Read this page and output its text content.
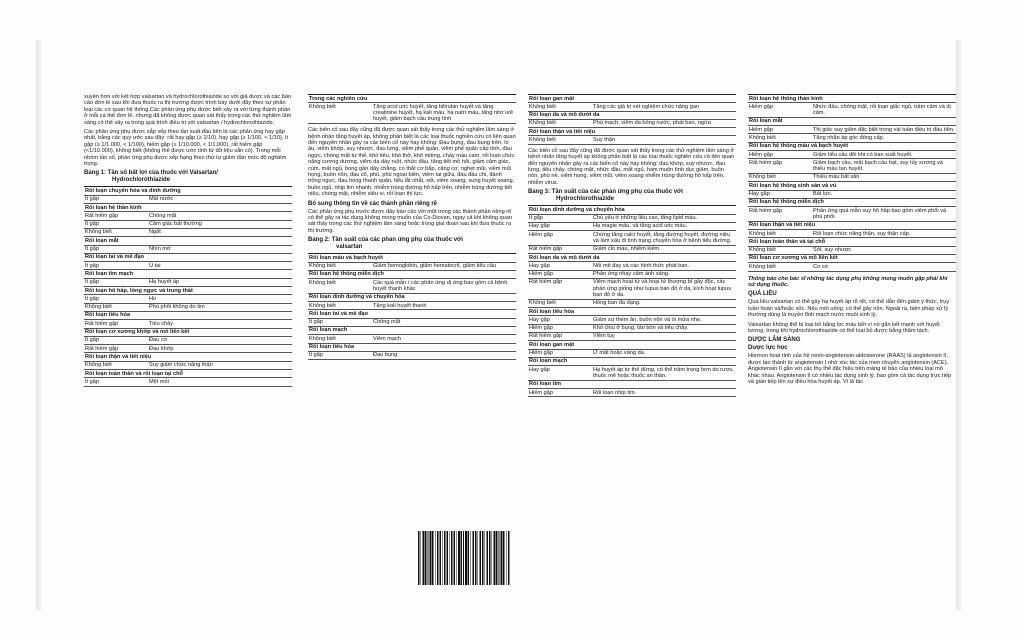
xuyên hơn với kết hợp valsartan và hydrochlorothiazide so với giả dược và các báo cáo đơn lẻ sau khi đưa thuốc ra thị trường được trình bày dưới đây theo sự phân loại các cơ quan hệ thống.Các phản ứng phụ được biết xảy ra với từng thành phần ở mỗi cá thể đơn lẻ, nhưng đã không được quan sát thấy trong các thử nghiệm lâm sàng có thể xảy ra trong quá trình điều trị với valsartan / hydrochlorothiazide.

Các phản ứng phụ được sắp xếp theo tần suất đầu tiên là các phản ứng hay gặp nhất, bằng các quy ước sau đây: rất hay gặp (≥ 1/10), hay gặp (≥ 1/100, < 1/10), ít gặp (≥ 1/1.000, < 1/100), hiếm gặp (≥ 1/10.000, < 1/1.000), rất hiếm gặp (<1/10.000), không biết (không thể được ước tính từ dữ liệu sẵn có). Trong mỗi nhóm tần số, phản ứng phụ được xếp hạng theo thứ tự giảm dần mức độ nghiêm trọng.

Bảng 1: Tần số bất lợi của thuốc với Valsartan/
Hydrochlorothiazide
Rối loạn chuyển hóa và dinh dưỡng	
Ít gặp	Mất nước
Rối loạn hệ thần kinh	
Rất hiếm gặp	Chóng mặt
Ít gặp	Cảm giác bất thường
Không biết	Ngất
Rối loạn mắt	
Ít gặp	Nhìn mờ
Rối loạn tai và mê đạo	
Ít gặp	Ù tai
Rối loạn tim mạch	
Ít gặp	Hạ huyết áp
Rối loạn hô hấp, lồng ngực và trung thất	
Ít gặp	Ho
Không biết	Phù phổi không do tim
Rối loạn tiêu hóa	
Rất hiếm gặp	Tiêu chảy
Rối loạn cơ xương khớp và mô liên kết	
Ít gặp	Đau cơ
Rất hiếm gặp	Đau khớp
Rối loạn thận và tiết niệu	
Không biết	Suy giảm chức năng thận
Rối loạn toàn thân và rối loạn tại chỗ	
Ít gặp	Mệt mỏi
Trong các nghiên cứu
Không biết	Tăng acid uric huyết, tăng bilirubin huyết và tăng creatinine huyết, hạ kali máu, hạ natri máu, tăng nitơ urê huyết, giảm bạch cầu trung tính

Các biến cố sau đây cũng đã được quan sát thấy trong các thử nghiệm lâm sàng ở bệnh nhân tăng huyết áp, không phân biệt là các loại thuốc nghiên cứu có liên quan đến nguyên nhân gây ra các biến cố này hay không: Đau bụng, đau bụng trên, lo âu, viêm khớp, suy nhược, đau lưng, viêm phế quản, viêm phế quản cấp tính, đau ngực, chóng mặt tư thế, khó tiêu, khó thở, khô miệng, chảy máu cam, rối loạn chức năng cương dương, viêm dạ dày ruột, nhức đầu, tăng tiết mồ hôi, giảm cảm giác, cúm, mất ngủ, bong gân dây chằng, co thắt cơ bắp, căng cơ, nghẹt mũi, viêm mũi họng, buồn nôn, đau cổ, phù, phù ngoại biên, viêm tai giữa, đau đầu chi, đánh trống ngực, đau họng thanh quản, tiểu lắt nhắt, sốt, viêm xoang, sung huyết xoang, buồn ngủ, nhịp tim nhanh, nhiễm trùng đường hô hấp trên, nhiễm trùng đường tiết niệu, chóng mặt, nhiễm siêu vi, rối loạn thị lực.

Bổ sung thông tin về các thành phần riêng rẽ

Các phản ứng phụ trước được đây báo cáo với một trong các thành phần riêng rẽ có thể gây ra tác dụng không mong muốn của Co-Diovan, ngay cả khi không quan sát thấy trong các thử nghiệm lâm sàng hoặc trong giai đoạn sau khi đưa thuốc ra thị trường.

Bảng 2: Tần suất của các phản ứng phụ của thuốc với
valsartan
Rối loạn máu và bạch huyết	
Không biết	Giảm hemoglobin, giảm hematocrit, giảm tiểu cầu
Rối loạn hệ thống miễn dịch	
Không biết	Các quá mẫn / các phản ứng dị ứng bao gồm cả bệnh huyết thanh khác
Rối loạn dinh dưỡng và chuyển hóa	
Không biết	Tăng kali huyết thanh
Rối loạn tai và mê đạo	
Ít gặp	Chóng mặt
Rối loạn mạch	
Không biết	Viêm mạch
Rối loạn tiêu hóa	
Ít gặp	Đau bụng
Rối loạn gan mật	
Không biết	Tăng các giá trị xét nghiệm chức năng gan
Rối loạn da và mô dưới da	
Không biết	Phù mạch, viêm da bóng nước, phát ban, ngứa
Rối loạn thận và tiết niệu	
Không biết	Suy thận

Các biến cố sau đây cũng đã được quan sát thấy trong các thử nghiệm lâm sàng ở bệnh nhân tăng huyết áp không phân biệt là các loại thuốc nghiên cứu có liên quan đến nguyên nhân gây ra các biến cố này hay không: đau khớp, suy nhược, đau lưng, tiêu chảy, chóng mặt, nhức đầu, mất ngủ, ham muốn tình dục giảm, buồn nôn, phù nề, viêm họng, viêm mũi, viêm xoang nhiễm trùng đường hô hấp trên, nhiễm virus.

Bảng 3: Tần suất của các phản ứng phụ của thuốc với
Hydrochlorothiazide
Rối loạn dinh dưỡng và chuyển hóa	
Ít gặp	Chủ yếu ở những liều cao, tăng lipid máu.
Hay gặp	Hạ magie máu, và tăng acid uric máu.
Hiếm gặp	Chứng tăng calci huyết, tăng đường huyết, đường niệu và làm xấu đi tình trạng chuyển hóa ở bệnh tiểu đường.
Rất hiếm gặp	Giảm clo máu, nhiễm kiềm.
Rối loạn da và mô dưới da	
Hay gặp	Nổi mề đay và các hình thức phát ban.
Hiếm gặp	Phản ứng nhạy cảm ánh sáng.
Rất hiếm gặp	Viêm mạch hoại tử và hoại tử thượng bì gây độc, các phản ứng giống như lupus ban đỏ ở da, kích hoạt lupus ban đỏ ở da.
Không biết	Hồng ban đa dạng.
Rối loạn tiêu hóa	
Hay gặp	Giảm sự thèm ăn, buồn nôn và ói mửa nhẹ.
Hiếm gặp	Khó chịu ở bụng, táo bón và tiêu chảy.
Rất hiếm gặp	Viêm tụy
Rối loạn gan mật	
Hiếm gặp	Ứ mật hoặc vàng da.
Rối loạn mạch	
Hay gặp	Hạ huyết áp tư thế đứng, có thể trầm trọng hơn do rượu, thuốc mê hoặc thuốc an thần.
Rối loạn tim	
Hiếm gặp	Rối loạn nhịp tim.
Rối loạn hệ thống thần kinh	
Hiếm gặp	Nhức đầu, chóng mặt, rối loạn giấc ngủ, trầm cảm và dị cảm.
Rối loạn mắt	
Hiếm gặp	Thị giác suy giảm đặc biệt trong vài tuần điều trị đầu tiên.
Không biết	Tăng nhãn áp góc đóng cấp.
Rối loạn hệ thống máu và bạch huyết	
Hiếm gặp	Giảm tiểu cầu đôi khi có ban xuất huyết.
Rất hiếm gặp	Giảm bạch cầu, mất bạch cầu hạt, suy tủy xương và thiếu máu tan huyết.
Không biết	Thiếu máu bất sản
Rối loạn hệ thống sinh sản và vú	
Hay gặp	Bất lực.
Rối loạn hệ thống miễn dịch	
Rất hiếm gặp	Phản ứng quá mẫn suy hô hấp bao gồm viêm phổi và phù phổi.
Rối loạn thận và tiết niệu	
Không biết	Rối loạn chức năng thận, suy thận cấp.
Rối loạn toàn thân và tại chỗ	
Không biết	Sốt, suy nhược
Rối loạn cơ xương và mô liên kết	
Không biết	Co cơ

Thông báo cho bác sĩ những tác dụng phụ không mong muốn gặp phải khi sử dụng thuốc.

QUÁ LIỀU

Quá liều valsartan có thể gây hạ huyết áp rõ rệt, có thể dẫn đến giảm ý thức, trụy tuần hoàn và/hoặc sốc. Nếu mới uống, có thể gây nôn. Ngoài ra, biện pháp xử lý thường dùng là truyền tĩnh mạch nước muối sinh lý.

Valsartan không thể bị loại bỏ bằng lọc máu bởi vì nó gắn kết mạnh với huyết tương, trong khi hydrochlorothiazide có thể loại bỏ được bằng thẩm tách.

DƯỢC LÂM SÀNG
Dược lực học

Hormon hoạt tính của hệ renin-angiotensin-aldosterone (RAAS) là angiotensin II, được tạo thành từ angiotensin I nhờ xúc tác của men chuyển angiotensin (ACE). Angiotensin II gắn với các thụ thể đặc hiệu trên màng tế bào của nhiều loại mô khác nhau. Angiotensin II có nhiều tác dụng sinh lý, bao gồm cả tác dụng trực tiếp và gián tiếp lên sự điều hòa huyết áp. Vì là tác
